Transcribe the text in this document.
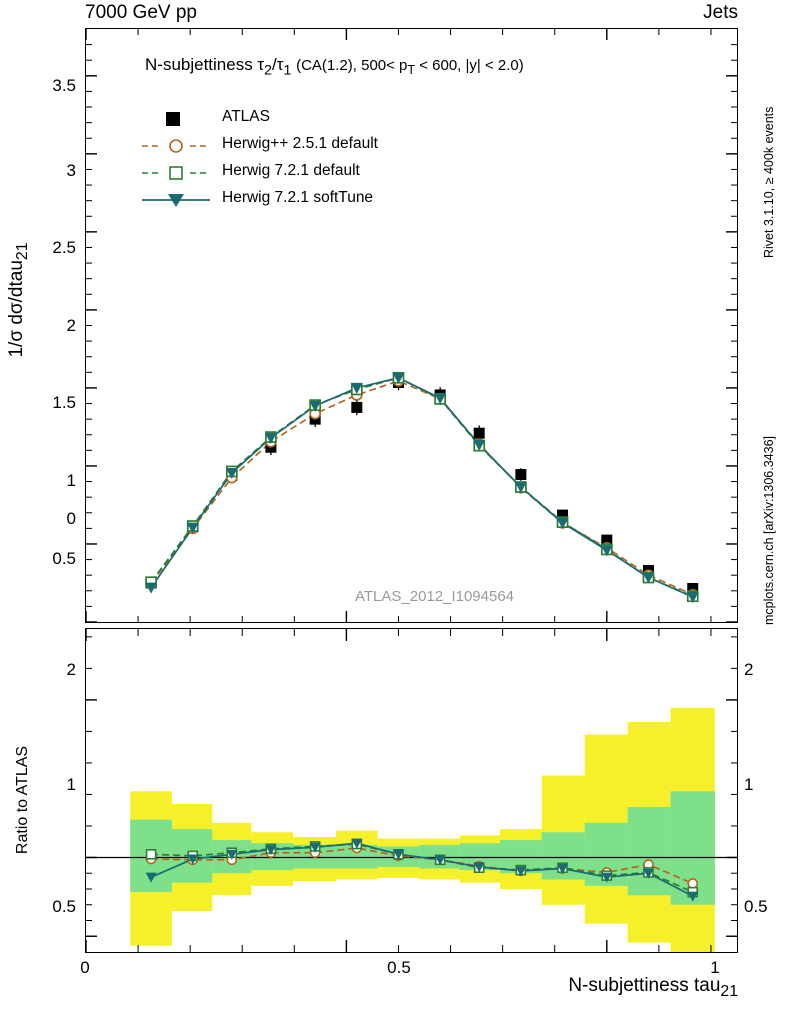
7000 GeV pp	Jets
Rivet 3.1.10, ≥ 400k events
mcplots.cern.ch [arXiv:1306.3436]
0
0.5
1
1.5
2
2.5
3
3.5
1/σ dσ/dtau$_{21}$
N-subjettiness $\tau_2/\tau_1$ (CA(1.2), $500< p_T < 600$, |y| < 2.0)
ATLAS
Herwig++ 2.5.1 default
Herwig 7.2.1 default
Herwig 7.2.1 softTune
ATLAS_2012_I1094564
2
1
0.5
2
1
0.5
Ratio to ATLAS
0	0.5	1
N-subjettiness tau$_{21}$
